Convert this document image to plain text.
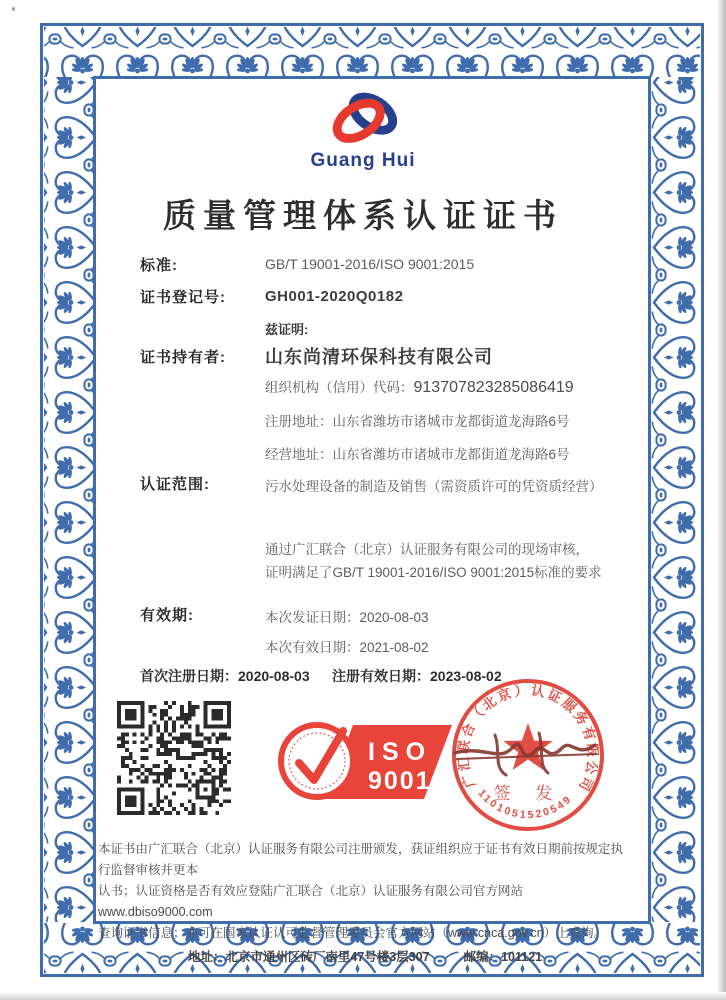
Guang Hui
质量管理体系认证证书
标准:	GB/T 19001-2016/ISO 9001:2015
证书登记号:	GH001-2020Q0182
兹证明:
证书持有者: 山东尚清环保科技有限公司
组织机构（信用）代码：913707823285086419
注册地址：山东省潍坊市诸城市龙都街道龙海路6号
经营地址：山东省潍坊市诸城市龙都街道龙海路6号
认证范围:	污水处理设备的制造及销售（需资质许可的凭资质经营）
通过广汇联合（北京）认证服务有限公司的现场审核，
证明满足了GB/T 19001-2016/ISO 9001:2015标准的要求
有效期:	本次发证日期：2020-08-03
本次有效日期：2021-08-02
首次注册日期：2020-08-03 注册有效日期：2023-08-02
ISO
9001 广汇联合（北京）认证服务有限公司
1101051520549
签 发
本证书由广汇联合（北京）认证服务有限公司注册颁发，获证组织应于证书有效日期前按规定执行监督审核并更本
认书；认证资格是否有效应登陆广汇联合（北京）认证服务有限公司官方网站www.dbiso9000.com
查询证书信息；亦可在国家认证认可监督管理委员会官方网站（www.cnca.gov.cn）上查询。
地址：北京市通州区砖厂南里47号楼3层307	邮编：101121
